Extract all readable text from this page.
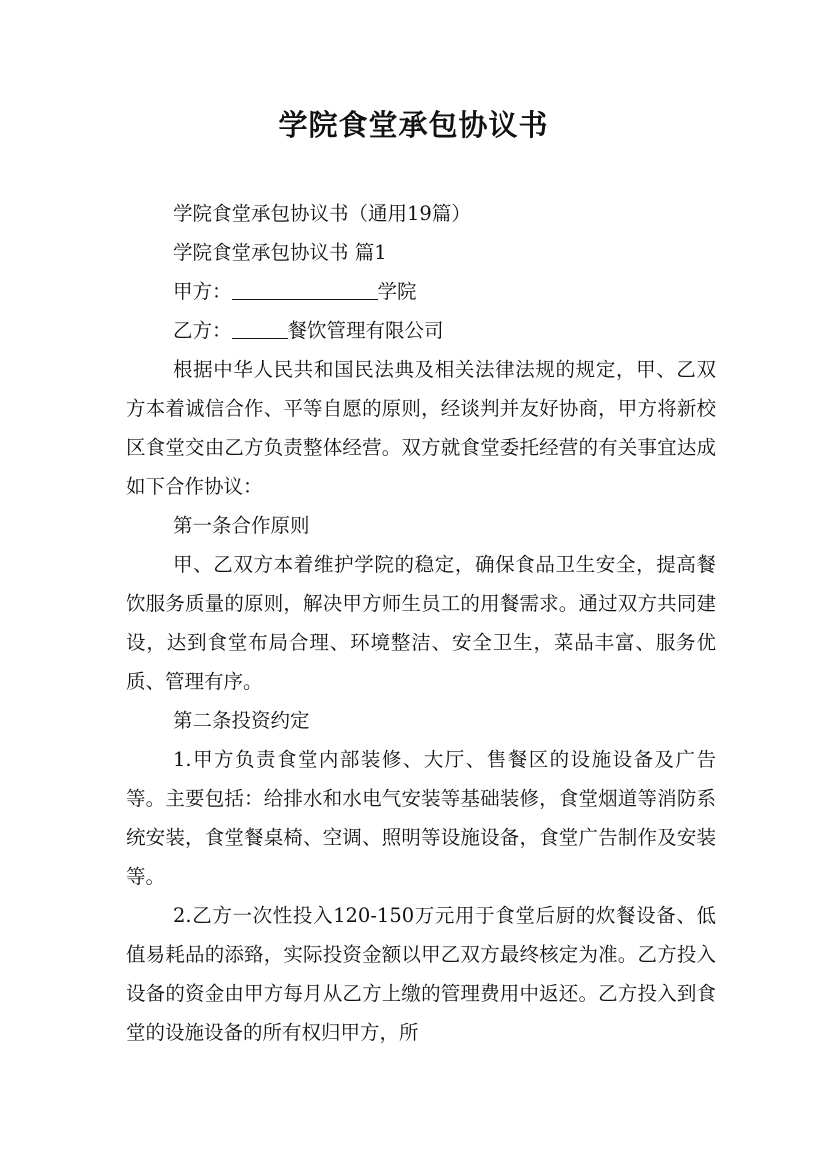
学院食堂承包协议书

学院食堂承包协议书（通用19篇）

学院食堂承包协议书 篇1

甲方：	学院

乙方：	餐饮管理有限公司

根据中华人民共和国民法典及相关法律法规的规定，甲、乙双方本着诚信合作、平等自愿的原则，经谈判并友好协商，甲方将新校区食堂交由乙方负责整体经营。双方就食堂委托经营的有关事宜达成如下合作协议：

第一条合作原则

甲、乙双方本着维护学院的稳定，确保食品卫生安全，提高餐饮服务质量的原则，解决甲方师生员工的用餐需求。通过双方共同建设，达到食堂布局合理、环境整洁、安全卫生，菜品丰富、服务优质、管理有序。

第二条投资约定

1.甲方负责食堂内部装修、大厅、售餐区的设施设备及广告等。主要包括：给排水和水电气安装等基础装修，食堂烟道等消防系统安装，食堂餐桌椅、空调、照明等设施设备，食堂广告制作及安装等。

2.乙方一次性投入120-150万元用于食堂后厨的炊餐设备、低值易耗品的添臵，实际投资金额以甲乙双方最终核定为准。乙方投入设备的资金由甲方每月从乙方上缴的管理费用中返还。乙方投入到食堂的设施设备的所有权归甲方，所
